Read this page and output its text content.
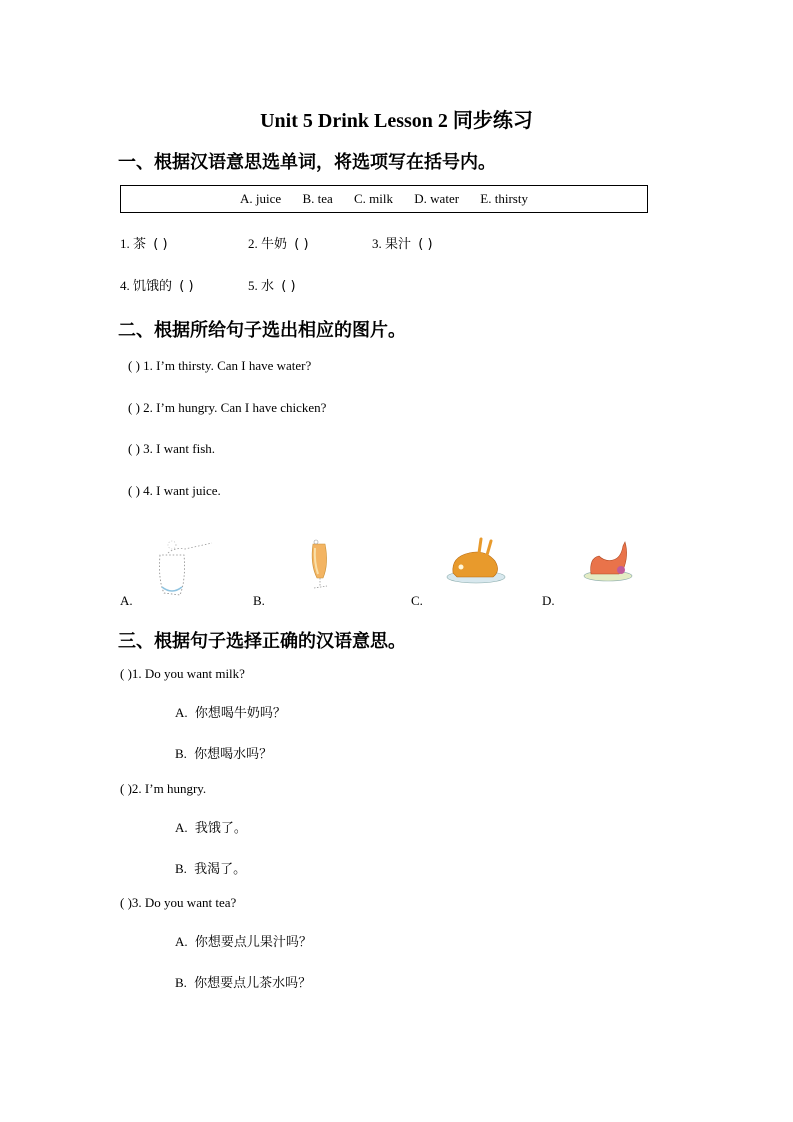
Unit 5 Drink Lesson 2 同步练习
一、根据汉语意思选单词，将选项写在括号内。
A. juice B. tea C. milk D. water E. thirsty
1. 茶 ( )	2. 牛奶 ( )	3. 果汁 ( )
4. 饥饿的 ( )	5. 水 ( )
二、根据所给句子选出相应的图片。
( ) 1. I’m thirsty. Can I have water?
( ) 2. I’m hungry. Can I have chicken?
( ) 3. I want fish.
( ) 4. I want juice.
A.	B.	C.	D.
三、根据句子选择正确的汉语意思。
( )1. Do you want milk?
A. 你想喝牛奶吗？
B. 你想喝水吗？
( )2. I’m hungry.
A. 我饿了。
B. 我渴了。
( )3. Do you want tea?
A. 你想要点儿果汁吗？
B. 你想要点儿茶水吗？
